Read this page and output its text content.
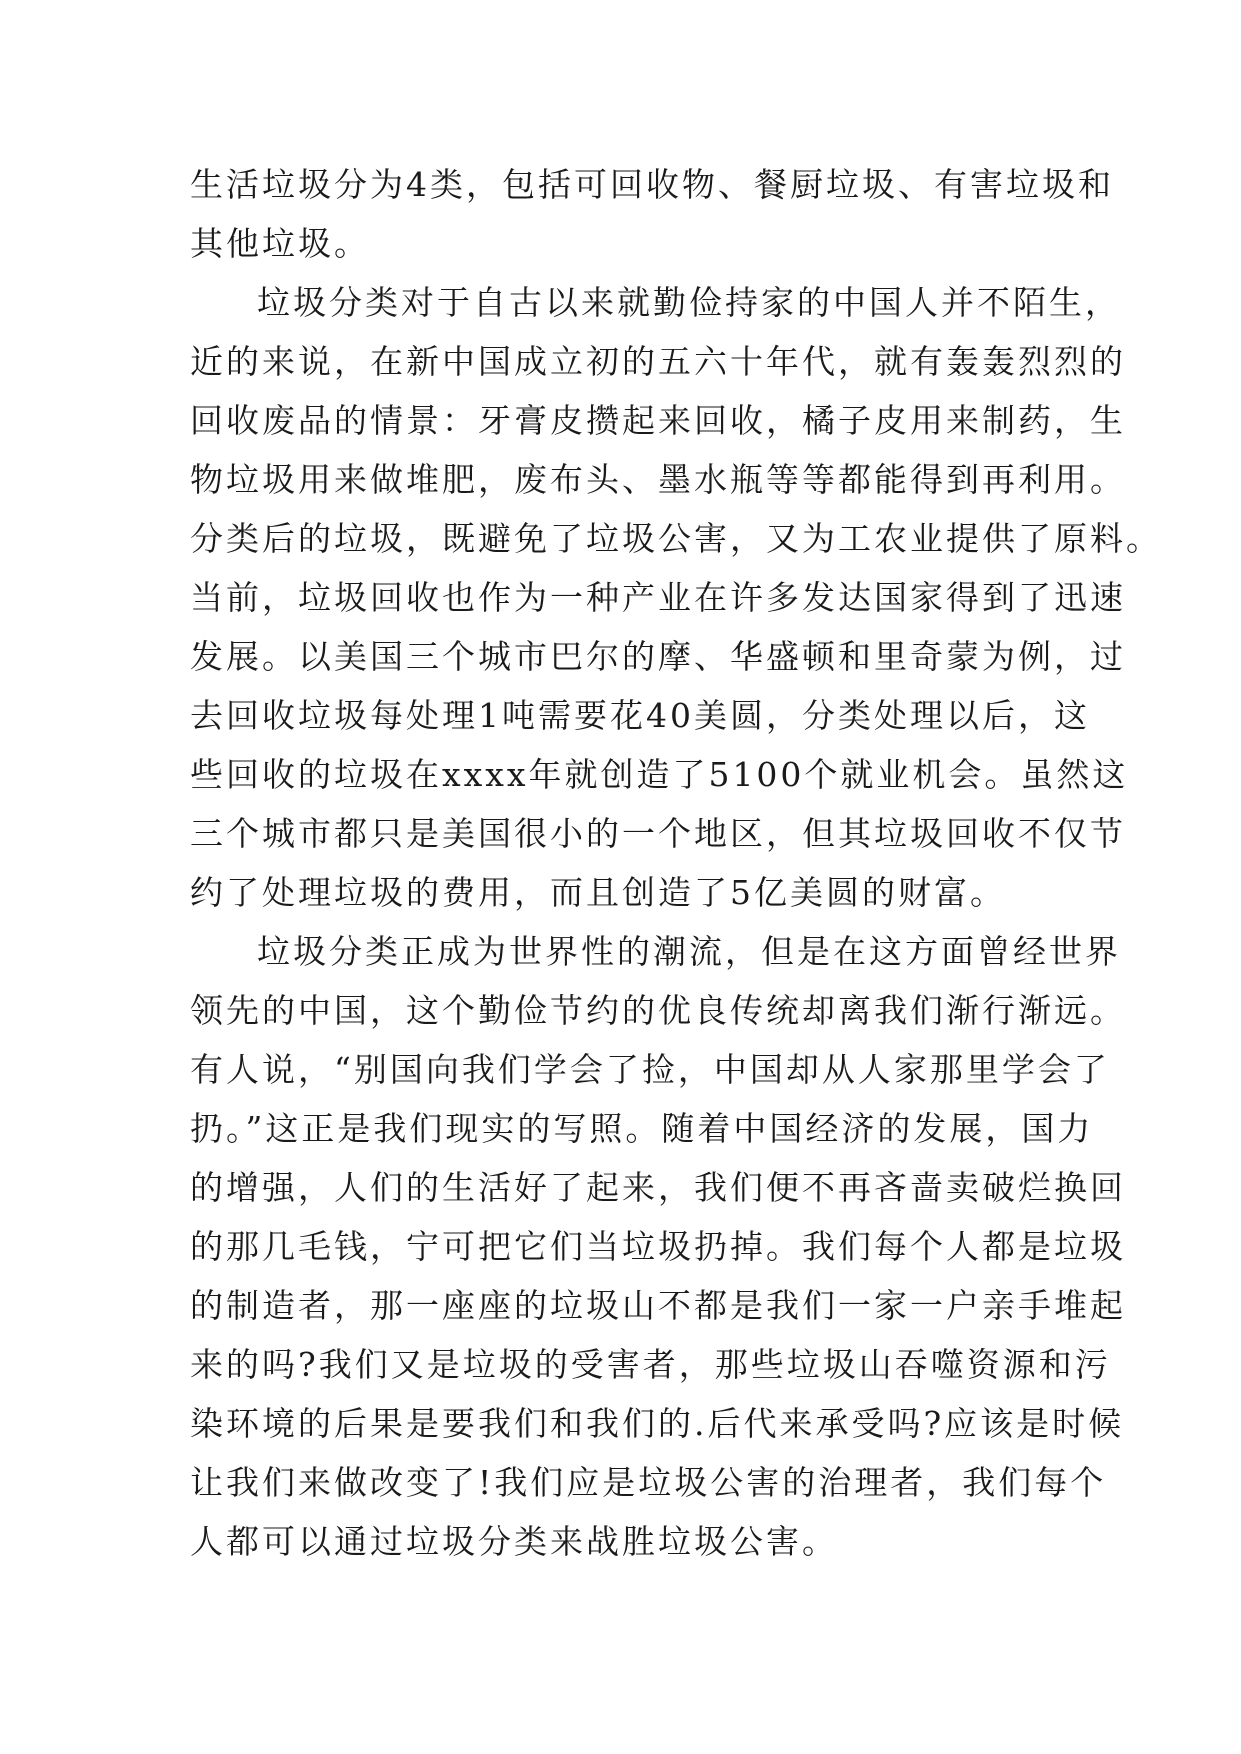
生活垃圾分为4类，包括可回收物、餐厨垃圾、有害垃圾和
其他垃圾。
垃圾分类对于自古以来就勤俭持家的中国人并不陌生，
近的来说，在新中国成立初的五六十年代，就有轰轰烈烈的
回收废品的情景：牙膏皮攒起来回收，橘子皮用来制药，生
物垃圾用来做堆肥，废布头、墨水瓶等等都能得到再利用。
分类后的垃圾，既避免了垃圾公害，又为工农业提供了原料。
当前，垃圾回收也作为一种产业在许多发达国家得到了迅速
发展。以美国三个城市巴尔的摩、华盛顿和里奇蒙为例，过
去回收垃圾每处理1吨需要花40美圆，分类处理以后，这
些回收的垃圾在xxxx年就创造了5100个就业机会。虽然这
三个城市都只是美国很小的一个地区，但其垃圾回收不仅节
约了处理垃圾的费用，而且创造了5亿美圆的财富。
垃圾分类正成为世界性的潮流，但是在这方面曾经世界
领先的中国，这个勤俭节约的优良传统却离我们渐行渐远。
有人说，“别国向我们学会了捡，中国却从人家那里学会了
扔。”这正是我们现实的写照。随着中国经济的发展，国力
的增强，人们的生活好了起来，我们便不再吝啬卖破烂换回
的那几毛钱，宁可把它们当垃圾扔掉。我们每个人都是垃圾
的制造者，那一座座的垃圾山不都是我们一家一户亲手堆起
来的吗?我们又是垃圾的受害者，那些垃圾山吞噬资源和污
染环境的后果是要我们和我们的.后代来承受吗?应该是时候
让我们来做改变了!我们应是垃圾公害的治理者，我们每个
人都可以通过垃圾分类来战胜垃圾公害。
